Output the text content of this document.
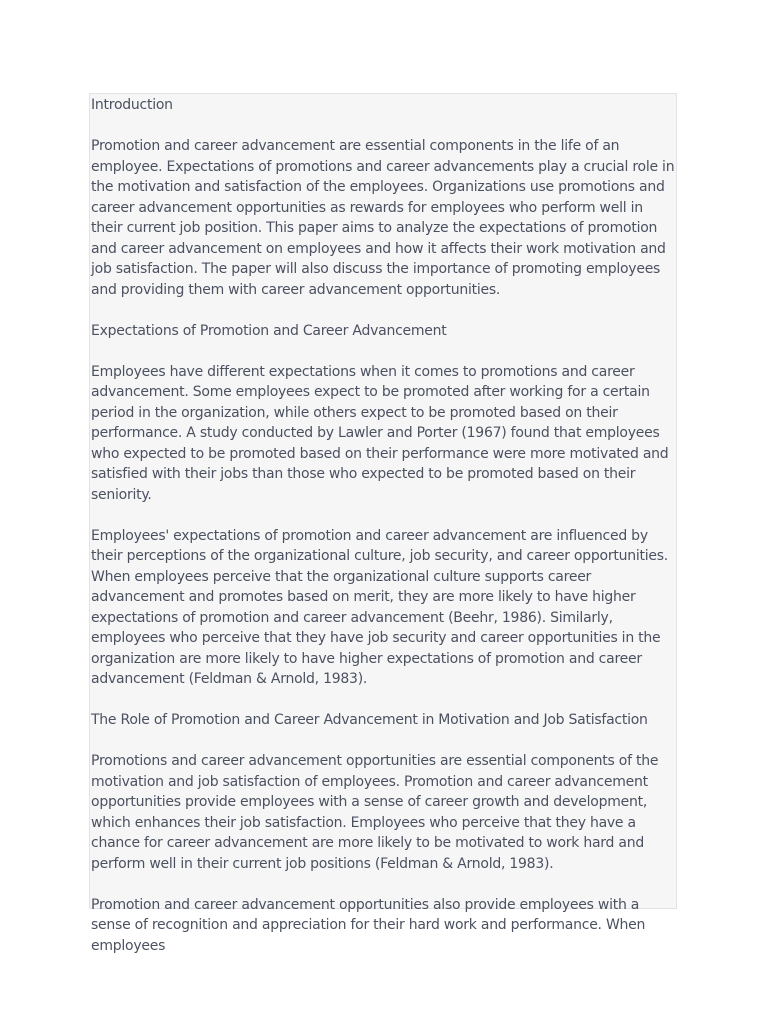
Introduction

Promotion and career advancement are essential components in the life of an employee. Expectations of promotions and career advancements play a crucial role in the motivation and satisfaction of the employees. Organizations use promotions and career advancement opportunities as rewards for employees who perform well in their current job position. This paper aims to analyze the expectations of promotion and career advancement on employees and how it affects their work motivation and job satisfaction. The paper will also discuss the importance of promoting employees and providing them with career advancement opportunities.

Expectations of Promotion and Career Advancement

Employees have different expectations when it comes to promotions and career advancement. Some employees expect to be promoted after working for a certain period in the organization, while others expect to be promoted based on their performance. A study conducted by Lawler and Porter (1967) found that employees who expected to be promoted based on their performance were more motivated and satisfied with their jobs than those who expected to be promoted based on their seniority.

Employees' expectations of promotion and career advancement are influenced by their perceptions of the organizational culture, job security, and career opportunities. When employees perceive that the organizational culture supports career advancement and promotes based on merit, they are more likely to have higher expectations of promotion and career advancement (Beehr, 1986). Similarly, employees who perceive that they have job security and career opportunities in the organization are more likely to have higher expectations of promotion and career advancement (Feldman & Arnold, 1983).

The Role of Promotion and Career Advancement in Motivation and Job Satisfaction

Promotions and career advancement opportunities are essential components of the motivation and job satisfaction of employees. Promotion and career advancement opportunities provide employees with a sense of career growth and development, which enhances their job satisfaction. Employees who perceive that they have a chance for career advancement are more likely to be motivated to work hard and perform well in their current job positions (Feldman & Arnold, 1983).

Promotion and career advancement opportunities also provide employees with a sense of recognition and appreciation for their hard work and performance. When employees
